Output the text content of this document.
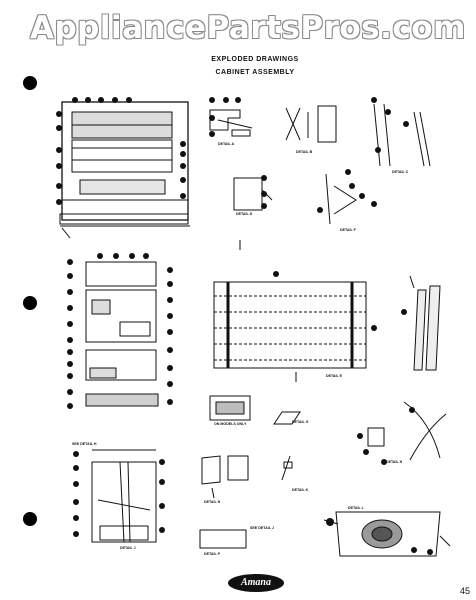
AppliancePartsPros.com
EXPLODED DRAWINGS
CABINET ASSEMBLY
DETAIL A
DETAIL B
DETAIL C
DETAIL D
DETAIL F
DETAIL E
ON MODELS ONLY	DETAIL G
DETAIL H
SEE DETAIL H
DETAIL N
DETAIL K
DETAIL L
SEE DETAIL J
DETAIL P
DETAIL J
Amana
45
